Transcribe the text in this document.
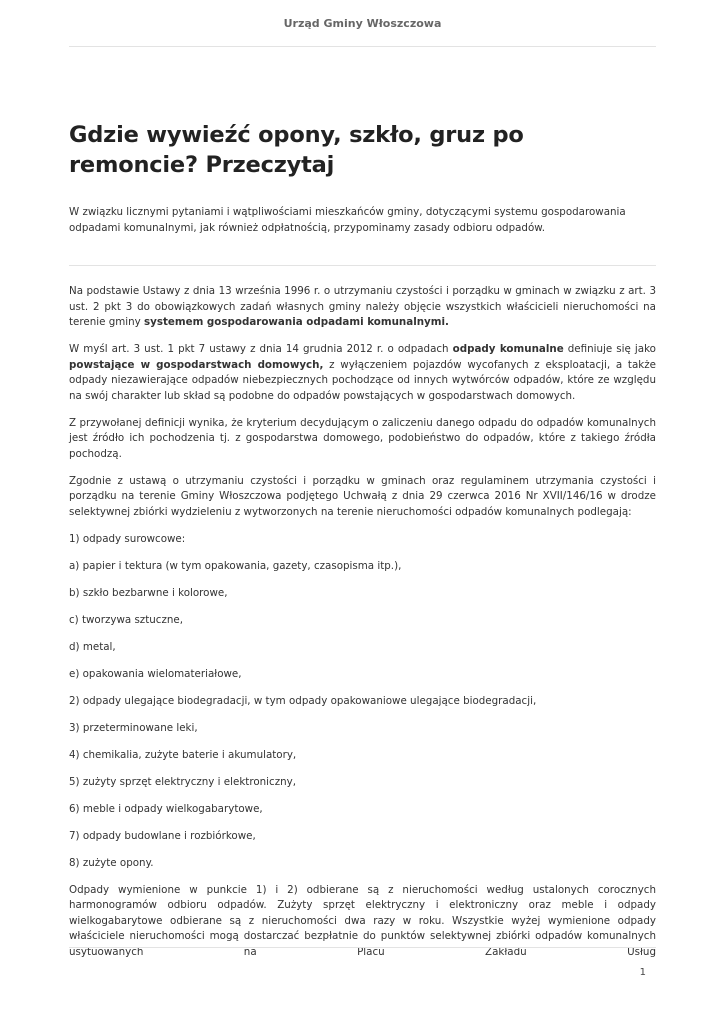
Urząd Gminy Włoszczowa
Gdzie wywieźć opony, szkło, gruz po remoncie? Przeczytaj

W związku licznymi pytaniami i wątpliwościami mieszkańców gminy, dotyczącymi systemu gospodarowania odpadami komunalnymi, jak również odpłatnością, przypominamy zasady odbioru odpadów.

Na podstawie Ustawy z dnia 13 września 1996 r. o utrzymaniu czystości i porządku w gminach w związku z art. 3 ust. 2 pkt 3 do obowiązkowych zadań własnych gminy należy objęcie wszystkich właścicieli nieruchomości na terenie gminy systemem gospodarowania odpadami komunalnymi.

W myśl art. 3 ust. 1 pkt 7 ustawy z dnia 14 grudnia 2012 r. o odpadach odpady komunalne definiuje się jako powstające w gospodarstwach domowych, z wyłączeniem pojazdów wycofanych z eksploatacji, a także odpady niezawierające odpadów niebezpiecznych pochodzące od innych wytwórców odpadów, które ze względu na swój charakter lub skład są podobne do odpadów powstających w gospodarstwach domowych.

Z przywołanej definicji wynika, że kryterium decydującym o zaliczeniu danego odpadu do odpadów komunalnych jest źródło ich pochodzenia tj. z gospodarstwa domowego, podobieństwo do odpadów, które z takiego źródła pochodzą.

Zgodnie z ustawą o utrzymaniu czystości i porządku w gminach oraz regulaminem utrzymania czystości i porządku na terenie Gminy Włoszczowa podjętego Uchwałą z dnia 29 czerwca 2016 Nr XVII/146/16 w drodze selektywnej zbiórki wydzieleniu z wytworzonych na terenie nieruchomości odpadów komunalnych podlegają:

1) odpady surowcowe:
a) papier i tektura (w tym opakowania, gazety, czasopisma itp.),
b) szkło bezbarwne i kolorowe,
c) tworzywa sztuczne,
d) metal,
e) opakowania wielomateriałowe,
2) odpady ulegające biodegradacji, w tym odpady opakowaniowe ulegające biodegradacji,
3) przeterminowane leki,
4) chemikalia, zużyte baterie i akumulatory,
5) zużyty sprzęt elektryczny i elektroniczny,
6) meble i odpady wielkogabarytowe,
7) odpady budowlane i rozbiórkowe,
8) zużyte opony.

Odpady wymienione w punkcie 1) i 2) odbierane są z nieruchomości według ustalonych corocznych harmonogramów odbioru odpadów. Zużyty sprzęt elektryczny i elektroniczny oraz meble i odpady wielkogabarytowe odbierane są z nieruchomości dwa razy w roku. Wszystkie wyżej wymienione odpady właściciele nieruchomości mogą dostarczać bezpłatnie do punktów selektywnej zbiórki odpadów komunalnych usytuowanych na Placu Zakładu Usług

1
